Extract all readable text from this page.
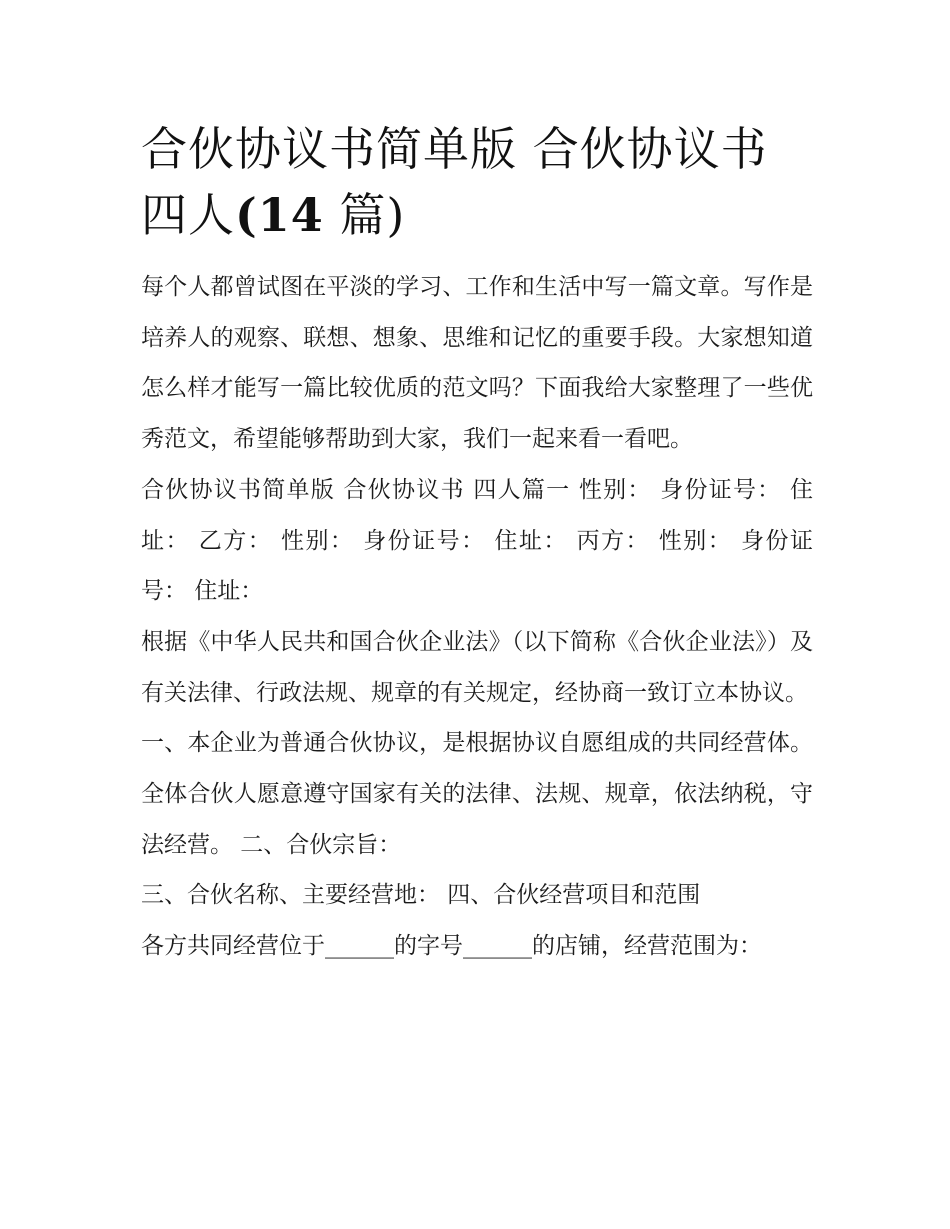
合伙协议书简单版 合伙协议书
四人(14 篇)

每个人都曾试图在平淡的学习、工作和生活中写一篇文章。写作是培养人的观察、联想、想象、思维和记忆的重要手段。大家想知道怎么样才能写一篇比较优质的范文吗？下面我给大家整理了一些优秀范文，希望能够帮助到大家，我们一起来看一看吧。

合伙协议书简单版 合伙协议书 四人篇一 性别： 身份证号： 住址： 乙方： 性别： 身份证号： 住址： 丙方： 性别： 身份证号： 住址：

根据《中华人民共和国合伙企业法》（以下简称《合伙企业法》）及有关法律、行政法规、规章的有关规定，经协商一致订立本协议。

一、本企业为普通合伙协议，是根据协议自愿组成的共同经营体。全体合伙人愿意遵守国家有关的法律、法规、规章，依法纳税，守法经营。 二、合伙宗旨：

三、合伙名称、主要经营地： 四、合伙经营项目和范围

各方共同经营位于______的字号______的店铺，经营范围为：
